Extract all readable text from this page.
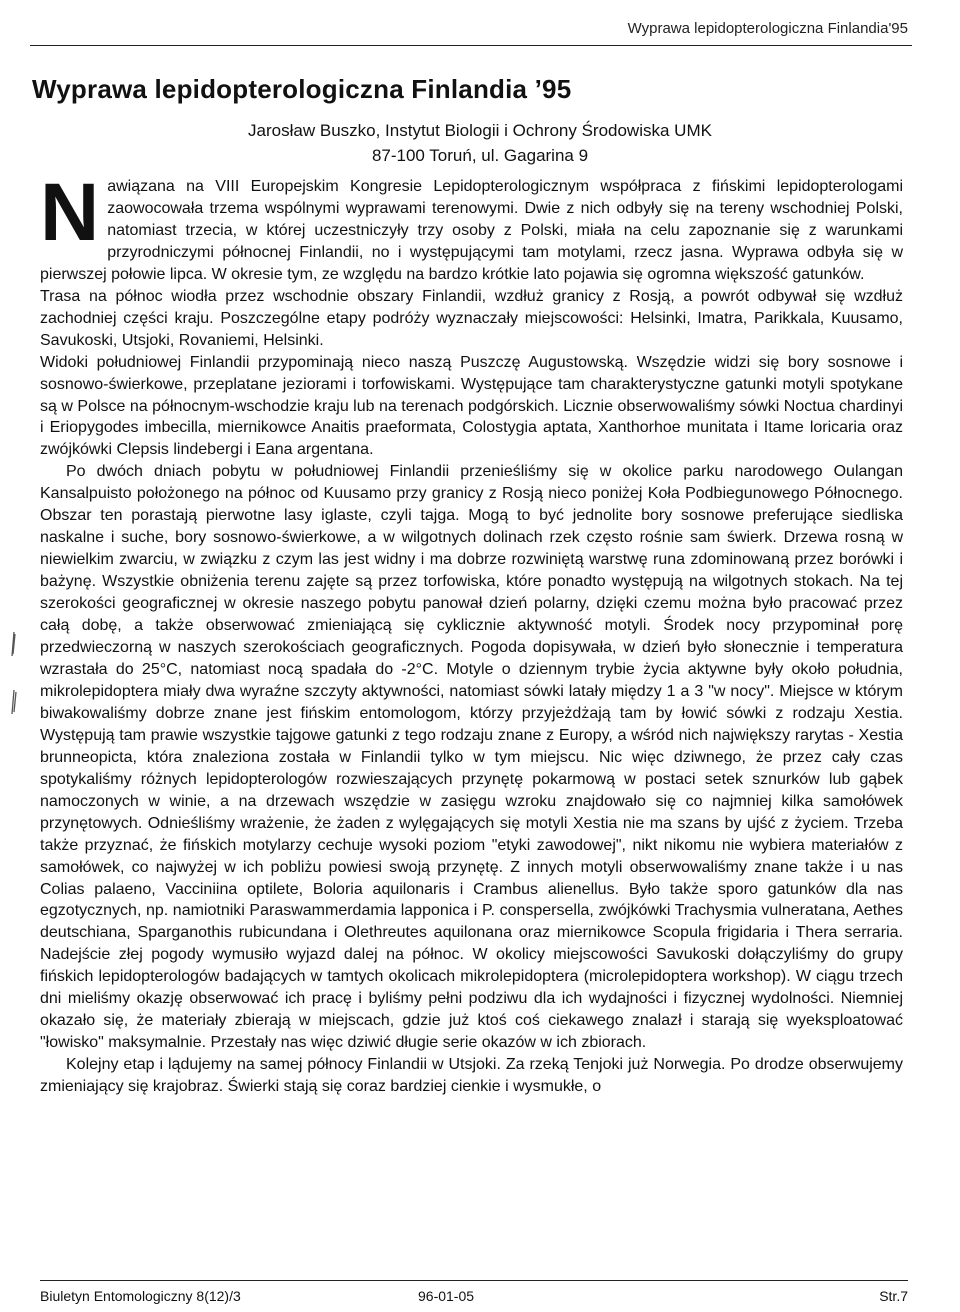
Wyprawa lepidopterologiczna Finlandia'95
Wyprawa lepidopterologiczna Finlandia ’95
Jarosław Buszko, Instytut Biologii i Ochrony Środowiska UMK
87-100 Toruń, ul. Gagarina 9

Nawiązana na VIII Europejskim Kongresie Lepidopterologicznym współpraca z fińskimi lepidopterologami zaowocowała trzema wspólnymi wyprawami terenowymi. Dwie z nich odbyły się na tereny wschodniej Polski, natomiast trzecia, w której uczestniczyły trzy osoby z Polski, miała na celu zapoznanie się z warunkami przyrodniczymi północnej Finlandii, no i występującymi tam motylami, rzecz jasna. Wyprawa odbyła się w pierwszej połowie lipca. W okresie tym, ze względu na bardzo krótkie lato pojawia się ogromna większość gatunków.

Trasa na północ wiodła przez wschodnie obszary Finlandii, wzdłuż granicy z Rosją, a powrót odbywał się wzdłuż zachodniej części kraju. Poszczególne etapy podróży wyznaczały miejscowości: Helsinki, Imatra, Parikkala, Kuusamo, Savukoski, Utsjoki, Rovaniemi, Helsinki.

Widoki południowej Finlandii przypominają nieco naszą Puszczę Augustowską. Wszędzie widzi się bory sosnowe i sosnowo-świerkowe, przeplatane jeziorami i torfowiskami. Występujące tam charakterystyczne gatunki motyli spotykane są w Polsce na północnym-wschodzie kraju lub na terenach podgórskich. Licznie obserwowaliśmy sówki Noctua chardinyi i Eriopygodes imbecilla, miernikowce Anaitis praeformata, Colostygia aptata, Xanthorhoe munitata i Itame loricaria oraz zwójkówki Clepsis lindebergi i Eana argentana.

Po dwóch dniach pobytu w południowej Finlandii przenieśliśmy się w okolice parku narodowego Oulangan Kansalpuisto położonego na północ od Kuusamo przy granicy z Rosją nieco poniżej Koła Podbiegunowego Północnego. Obszar ten porastają pierwotne lasy iglaste, czyli tajga. Mogą to być jednolite bory sosnowe preferujące siedliska naskalne i suche, bory sosnowo-świerkowe, a w wilgotnych dolinach rzek często rośnie sam świerk. Drzewa rosną w niewielkim zwarciu, w związku z czym las jest widny i ma dobrze rozwiniętą warstwę runa zdominowaną przez borówki i bażynę. Wszystkie obniżenia terenu zajęte są przez torfowiska, które ponadto występują na wilgotnych stokach. Na tej szerokości geograficznej w okresie naszego pobytu panował dzień polarny, dzięki czemu można było pracować przez całą dobę, a także obserwować zmieniającą się cyklicznie aktywność motyli. Środek nocy przypominał porę przedwieczorną w naszych szerokościach geograficznych. Pogoda dopisywała, w dzień było słonecznie i temperatura wzrastała do 25°C, natomiast nocą spadała do -2°C. Motyle o dziennym trybie życia aktywne były około południa, mikrolepidoptera miały dwa wyraźne szczyty aktywności, natomiast sówki latały między 1 a 3 "w nocy". Miejsce w którym biwakowaliśmy dobrze znane jest fińskim entomologom, którzy przyjeżdżają tam by łowić sówki z rodzaju Xestia. Występują tam prawie wszystkie tajgowe gatunki z tego rodzaju znane z Europy, a wśród nich największy rarytas - Xestia brunneopicta, która znaleziona została w Finlandii tylko w tym miejscu. Nic więc dziwnego, że przez cały czas spotykaliśmy różnych lepidopterologów rozwieszających przynętę pokarmową w postaci setek sznurków lub gąbek namoczonych w winie, a na drzewach wszędzie w zasięgu wzroku znajdowało się co najmniej kilka samołówek przynętowych. Odnieśliśmy wrażenie, że żaden z wylęgających się motyli Xestia nie ma szans by ujść z życiem. Trzeba także przyznać, że fińskich motylarzy cechuje wysoki poziom "etyki zawodowej", nikt nikomu nie wybiera materiałów z samołówek, co najwyżej w ich pobliżu powiesi swoją przynętę. Z innych motyli obserwowaliśmy znane także i u nas Colias palaeno, Vacciniina optilete, Boloria aquilonaris i Crambus alienellus. Było także sporo gatunków dla nas egzotycznych, np. namiotniki Paraswammerdamia lapponica i P. conspersella, zwójkówki Trachysmia vulneratana, Aethes deutschiana, Sparganothis rubicundana i Olethreutes aquilonana oraz miernikowce Scopula frigidaria i Thera serraria. Nadejście złej pogody wymusiło wyjazd dalej na północ. W okolicy miejscowości Savukoski dołączyliśmy do grupy fińskich lepidopterologów badających w tamtych okolicach mikrolepidoptera (microlepidoptera workshop). W ciągu trzech dni mieliśmy okazję obserwować ich pracę i byliśmy pełni podziwu dla ich wydajności i fizycznej wydolności. Niemniej okazało się, że materiały zbierają w miejscach, gdzie już ktoś coś ciekawego znalazł i starają się wyeksploatować "łowisko" maksymalnie. Przestały nas więc dziwić długie serie okazów w ich zbiorach.

Kolejny etap i lądujemy na samej północy Finlandii w Utsjoki. Za rzeką Tenjoki już Norwegia. Po drodze obserwujemy zmieniający się krajobraz. Świerki stają się coraz bardziej cienkie i wysmukłe, o

Biuletyn Entomologiczny 8(12)/3	96-01-05	Str.7
